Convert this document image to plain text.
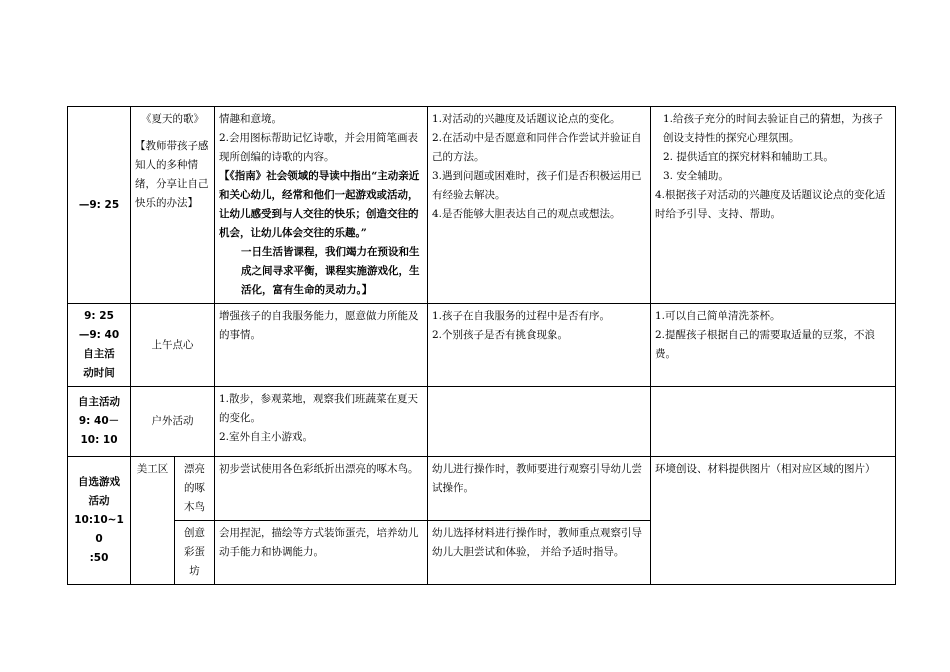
—9: 25	《夏天的歌》
【教师带孩子感知人的多种情绪，分享让自己快乐的办法】		情趣和意境。
2.会用图标帮助记忆诗歌，并会用简笔画表现所创编的诗歌的内容。
【《指南》社会领域的导读中指出“主动亲近和关心幼儿，经常和他们一起游戏或活动，让幼儿感受到与人交往的快乐；创造交往的机会，让幼儿体会交往的乐趣。”
一日生活皆课程，我们竭力在预设和生成之间寻求平衡，课程实施游戏化，生活化，富有生命的灵动力。】	1.对活动的兴趣度及话题议论点的变化。
2.在活动中是否愿意和同伴合作尝试并验证自己的方法。
3.遇到问题或困难时，孩子们是否积极运用已有经验去解决。
4.是否能够大胆表达自己的观点或想法。	1.给孩子充分的时间去验证自己的猜想，为孩子创设支持性的探究心理氛围。
2. 提供适宜的探究材料和辅助工具。
3. 安全辅助。
4.根据孩子对活动的兴趣度及话题议论点的变化适时给予引导、支持、帮助。

9: 25
—9: 40
自主活
动时间	上午点心		增强孩子的自我服务能力，愿意做力所能及的事情。	1.孩子在自我服务的过程中是否有序。
2.个别孩子是否有挑食现象。	1.可以自己简单清洗茶杯。
2.提醒孩子根据自己的需要取适量的豆浆，不浪费。

自主活动
9: 40－
10: 10	户外活动		1.散步，参观菜地，观察我们班蔬菜在夏天的变化。
2.室外自主小游戏。		

自选游戏
活动
10:10~10
:50	美工区	漂亮的啄木鸟	初步尝试使用各色彩纸折出漂亮的啄木鸟。	幼儿进行操作时，教师要进行观察引导幼儿尝试操作。	环境创设、材料提供图片（相对应区域的图片）
		创意彩蛋坊	会用捏泥，描绘等方式装饰蛋壳，培养幼儿动手能力和协调能力。	幼儿选择材料进行操作时，教师重点观察引导幼儿大胆尝试和体验， 并给予适时指导。	
